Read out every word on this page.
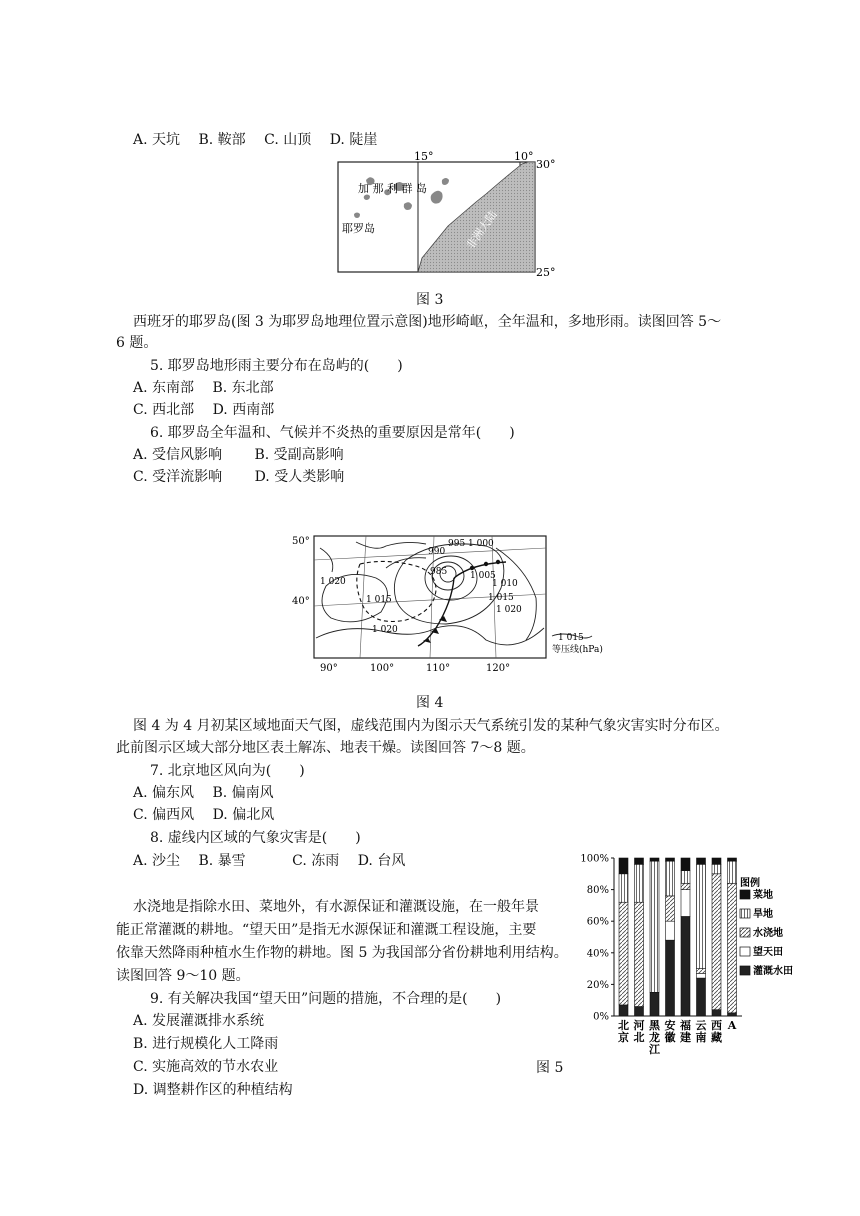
A. 天坑 B. 鞍部 C. 山顶 D. 陡崖
15°	10°
30°
25°
加 那 利 群 岛
耶罗岛	非洲大陆
图 3
西班牙的耶罗岛(图 3 为耶罗岛地理位置示意图)地形崎岖，全年温和，多地形雨。读图回答 5～
6 题。
5. 耶罗岛地形雨主要分布在岛屿的(　　)
A. 东南部 B. 东北部
C. 西北部 D. 西南部
6. 耶罗岛全年温和、气候并不炎热的重要原因是常年(　　)
A. 受信风影响 B. 受副高影响
C. 受洋流影响 D. 受人类影响
990
995 1 000
985	1 005
1 010
1 015
1 020
1 020
1 015
1 020
50°
40°
90°	100°	110°	120°
1 015
等压线(hPa)
图 4
图 4 为 4 月初某区域地面天气图，虚线范围内为图示天气系统引发的某种气象灾害实时分布区。
此前图示区域大部分地区表土解冻、地表干燥。读图回答 7～8 题。
7. 北京地区风向为(　　)
A. 偏东风 B. 偏南风
C. 偏西风 D. 偏北风
8. 虚线内区域的气象灾害是(　　)
A. 沙尘 B. 暴雪	C. 冻雨 D. 台风
水浇地是指除水田、菜地外，有水源保证和灌溉设施，在一般年景
能正常灌溉的耕地。“望天田”是指无水源保证和灌溉工程设施，主要
依靠天然降雨种植水生作物的耕地。图 5 为我国部分省份耕地利用结构。
读图回答 9～10 题。
9. 有关解决我国“望天田”问题的措施，不合理的是(　　)
A. 发展灌溉排水系统
B. 进行规模化人工降雨
C. 实施高效的节水农业
D. 调整耕作区的种植结构
100%
80%
60%
40%
20%
0%
北
京
河
北
黑
龙
江
安
徽
福
建
云
南
西
藏
A
图例
菜地
旱地
水浇地
望天田
灌溉水田
图 5
